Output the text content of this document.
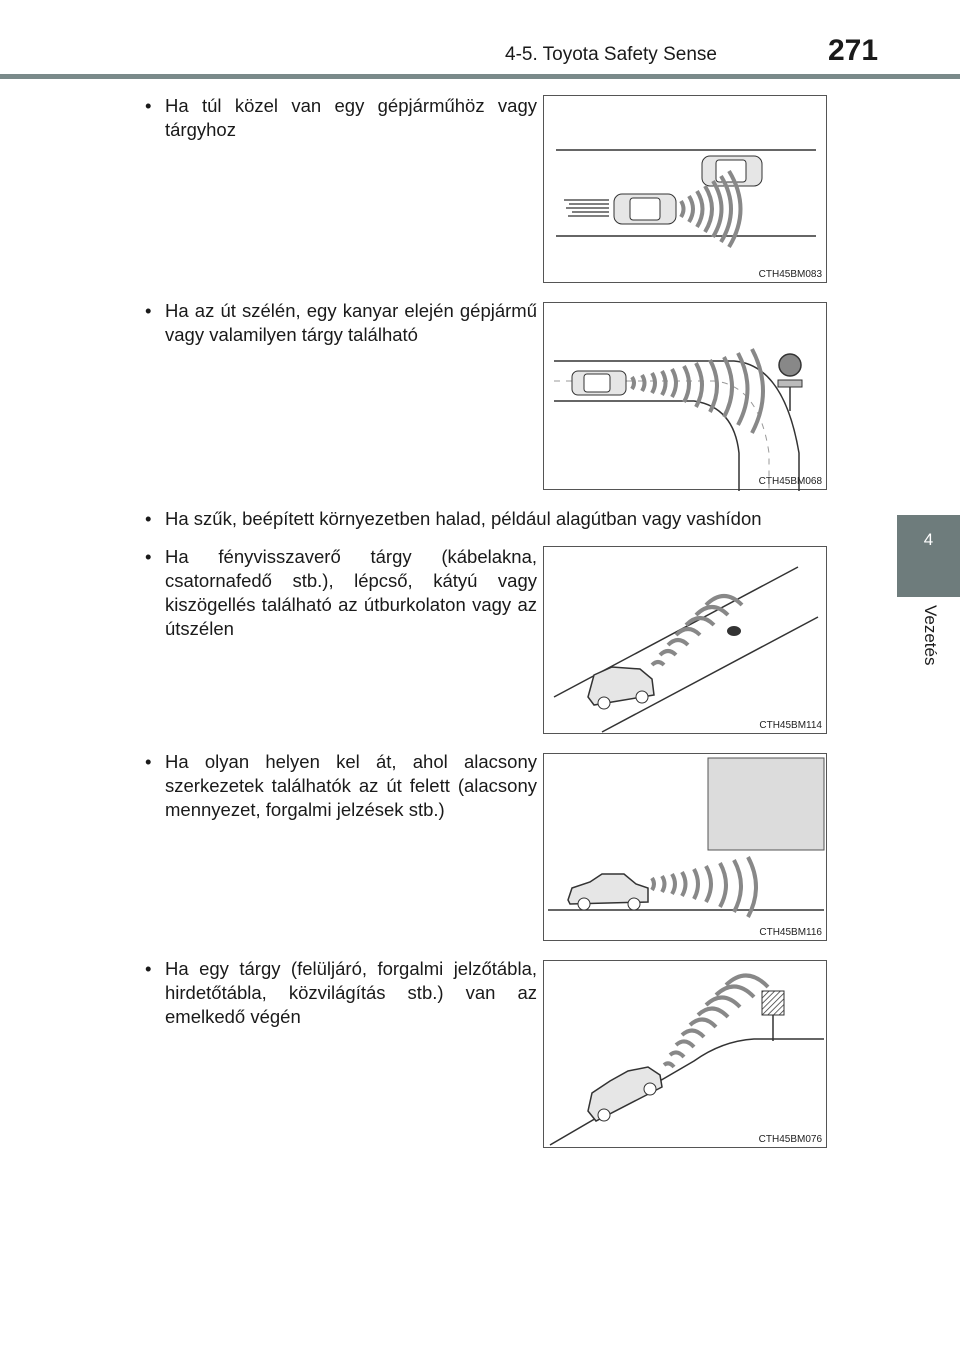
4-5. Toyota Safety Sense	271
4
Vezetés
• Ha túl közel van egy gépjárműhöz vagy tárgyhoz
CTH45BM083
• Ha az út szélén, egy kanyar elején gépjármű vagy valamilyen tárgy található
CTH45BM068
• Ha szűk, beépített környezetben halad, például alagútban vagy vashídon
• Ha fényvisszaverő tárgy (kábelakna, csatornafedő stb.), lépcső, kátyú vagy kiszögellés található az útburkolaton vagy az útszélen
CTH45BM114
• Ha olyan helyen kel át, ahol alacsony szerkezetek találhatók az út felett (alacsony mennyezet, forgalmi jelzések stb.)
CTH45BM116
• Ha egy tárgy (felüljáró, forgalmi jelzőtábla, hirdetőtábla, közvilágítás stb.) van az emelkedő végén
CTH45BM076
